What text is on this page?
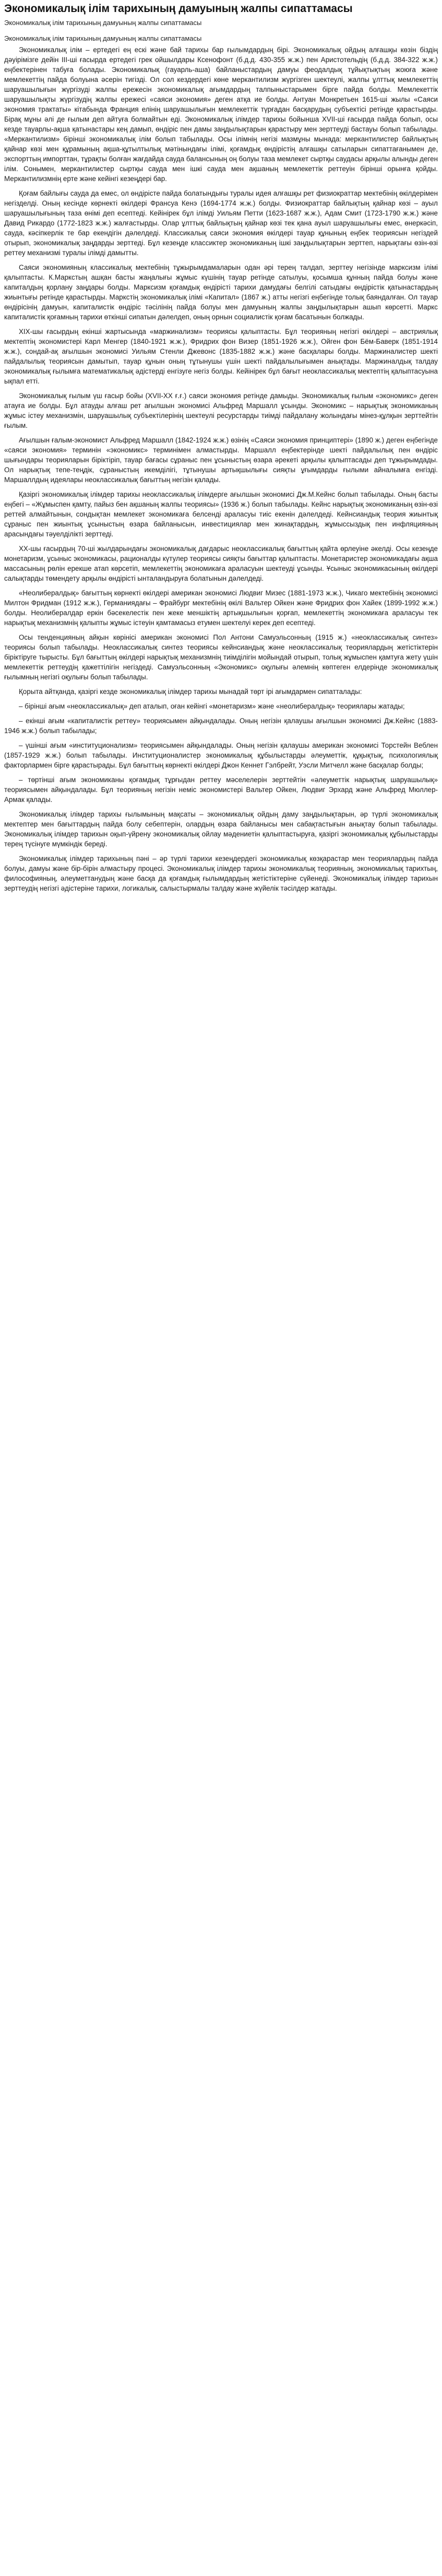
Экономикалық ілім тарихының дамуының жалпы сипаттамасы
Экономикалық ілім тарихының дамуының жалпы сипаттамасы
Экономикалық ілім тарихының дамуының жалпы сипаттамасы

Экономикалық ілім – ертедегі ең ескі және бай тарихы бар ғылымдардың бірі. Экономикалық ойдың алғашқы көзін біздің дәуірімізге дейін ІІІ-ші ғасырда ертедегі грек ойшылдары Ксенофонт (б.д.д. 430-355 ж.ж.) пен Аристотельдің (б.д.д. 384-322 ж.ж.) еңбектерінен табуға болады. Экономикалық (гауарль-аша) байланыстардың дамуы феодалдық тұйықтықтың жоюға және мемлекеттің пайда болуына әсерін тигізді. Ол сол кездердегі көне меркантилизм жүргізген шектеулі, жалпы ұлттық мемлекеттің шаруашылығын жүргізуді жалпы ережесін экономикалық ағымдардың талпыныстарымен бірге пайда болды. Мемлекеттік шаруашылықты жүргізудің жалпы ережесі «саяси экономия» деген атқа ие болды. Антуан Монкретьен 1615-ші жылы «Саяси экономия трактаты» кітабында Франция елінің шаруашылығын мемлекеттік түрғадан басқарудың субъектісі ретінде қарастырды. Бірақ мұны әлі де ғылым деп айтуға болмайтын еді. Экономикалық ілімдер тарихы бойынша ХVІІ-ші ғасырда пайда болып, осы кезде тауарлы-ақша қатынастары кең дамып, өндіріс пен дамы заңдылықтарын қарастыру мен зерттеуді бастауы болып табылады. «Меркантилизм» бірінші экономикалық ілім болып табылады. Осы ілімнің негізі мазмұны мынада: меркантилистер байлықтың қайнар көзі мен құрамының ақша-құтылтылық мәтінындағы ілімі, қоғамдық өндірістің алғашқы сатыларын сипаттағанымен де, экспорттың импорттан, тұрақты болған жағдайда сауда балансының оң болуы таза мемлекет сыртқы саудасы арқылы алынды деген ілім. Сонымен, меркантилистер сыртқы сауда мен ішкі сауда мен ақшаның мемлекеттік реттеуін бірінші орынға қойды. Меркантилизмнің ерте және кейінгі кезеңдері бар.

Қоғам байлығы сауда да емес, ол өндірісте пайда болатындығы туралы идея алғашқы рет физиократтар мектебінің өкілдерімен негізделді. Оның кесінде көрнекті өкілдері Франсуа Кенэ (1694-1774 ж.ж.) болды. Физиократтар байлықтың қайнар көзі – ауыл шаруашылығының таза өнімі деп есептеді. Кейінірек бұл ілімді Уильям Петти (1623-1687 ж.ж.), Адам Смит (1723-1790 ж.ж.) және Давид Рикардо (1772-1823 ж.ж.) жалғастырды. Олар ұлттық байлықтың қайнар көзі тек қана ауыл шаруашылығы емес, өнеркәсіп, сауда, кәсіпкерлік те бар екендігін дәлелдеді. Классикалық саяси экономия өкілдері тауар құнының еңбек теориясын негіздей отырып, экономикалық заңдарды зерттеді. Бұл кезеңде классиктер экономиканың ішкі заңдылықтарын зерттеп, нарықтағы өзін-өзі реттеу механизмі туралы ілімді дамытты.

Саяси экономияның классикалық мектебінің тұжырымдамаларын одан әрі терең талдап, зерттеу негізінде марксизм ілімі қалыптасты. К.Маркстың ашқан басты жаңалығы жұмыс күшінің тауар ретінде сатылуы, қосымша құнның пайда болуы және капиталдың қорлану заңдары болды. Марксизм қоғамдық өндірісті тарихи дамудағы белгілі сатыдағы өндірістік қатынастардың жиынтығы ретінде қарастырды. Маркстің экономикалық ілімі «Капитал» (1867 ж.) атты негізгі еңбегінде толық баяндалған. Ол тауар өндірісінің дамуын, капиталистік өндіріс тәсілінің пайда болуы мен дамуының жалпы заңдылықтарын ашып көрсетті. Маркс капиталистік қоғамның тарихи өткінші сипатын дәлелдеп, оның орнын социалистік қоғам басатынын болжады.

ХІХ-шы ғасырдың екінші жартысында «маржинализм» теориясы қалыптасты. Бұл теорияның негізгі өкілдері – австриялық мектептің экономистері Карл Менгер (1840-1921 ж.ж.), Фридрих фон Визер (1851-1926 ж.ж.), Ойген фон Бём-Баверк (1851-1914 ж.ж.), сондай-ақ ағылшын экономисі Уильям Стенли Джевонс (1835-1882 ж.ж.) және басқалары болды. Маржиналистер шекті пайдалылық теориясын дамытып, тауар құнын оның тұтынушы үшін шекті пайдалылығымен анықтады. Маржиналдық талдау экономикалық ғылымға математикалық әдістерді енгізуге негіз болды. Кейінірек бұл бағыт неоклассикалық мектептің қалыптасуына ықпал етті.

Экономикалық ғылым үш ғасыр бойы (ХVІІ-ХХ ғ.ғ.) саяси экономия ретінде дамыды. Экономикалық ғылым «экономикс» деген атауға ие болды. Бұл атауды алғаш рет ағылшын экономисі Альфред Маршалл ұсынды. Экономикс – нарықтық экономиканың жұмыс істеу механизмін, шаруашылық субъектілерінің шектеулі ресурстарды тиімді пайдалану жолындағы мінез-құлқын зерттейтін ғылым.

Ағылшын ғалым-экономист Альфред Маршалл (1842-1924 ж.ж.) өзінің «Саяси экономия принциптері» (1890 ж.) деген еңбегінде «саяси экономия» терминін «экономикс» терминімен алмастырды. Маршалл еңбектерінде шекті пайдалылық пен өндіріс шығындары теорияларын біріктіріп, тауар бағасы сұраныс пен ұсыныстың өзара әрекеті арқылы қалыптасады деп тұжырымдады. Ол нарықтық тепе-теңдік, сұраныстың икемділігі, тұтынушы артықшылығы сияқты ұғымдарды ғылыми айналымға енгізді. Маршаллдың идеялары неоклассикалық бағыттың негізін қалады.

Қазіргі экономикалық ілімдер тарихы неоклассикалық ілімдерге ағылшын экономисі Дж.М.Кейнс болып табылады. Оның басты еңбегі – «Жұмыспен қамту, пайыз бен ақшаның жалпы теориясы» (1936 ж.) болып табылады. Кейнс нарықтық экономиканың өзін-өзі реттей алмайтынын, сондықтан мемлекет экономикаға белсенді араласуы тиіс екенін дәлелдеді. Кейнсиандық теория жиынтық сұраныс пен жиынтық ұсыныстың өзара байланысын, инвестициялар мен жинақтардың, жұмыссыздық пен инфляцияның арасындағы тәуелділікті зерттеді.

ХХ-шы ғасырдың 70-ші жылдарындағы экономикалық дағдарыс неоклассикалық бағыттың қайта өрлеуіне әкелді. Осы кезеңде монетаризм, ұсыныс экономикасы, рационалды күтулер теориясы сияқты бағыттар қалыптасты. Монетаристер экономикадағы ақша массасының рөлін ерекше атап көрсетіп, мемлекеттің экономикаға араласуын шектеуді ұсынды. Ұсыныс экономикасының өкілдері салықтарды төмендету арқылы өндірісті ынталандыруға болатынын дәлелдеді.

«Неолибералдық» бағыттың көрнекті өкілдері американ экономисі Людвиг Мизес (1881-1973 ж.ж.), Чикаго мектебінің экономисі Милтон Фридман (1912 ж.ж.), Германиядағы – Фрайбург мектебінің өкілі Вальтер Ойкен және Фридрих фон Хайек (1899-1992 ж.ж.) болды. Неолибералдар еркін бәсекелестік пен жеке меншіктің артықшылығын қорғап, мемлекеттің экономикаға араласуы тек нарықтық механизмнің қалыпты жұмыс істеуін қамтамасыз етумен шектелуі керек деп есептеді.

Осы тенденцияның айқын көрінісі американ экономисі Пол Антони Самуэльсонның (1915 ж.) «неоклассикалық синтез» теориясы болып табылады. Неоклассикалық синтез теориясы кейнсиандық және неоклассикалық теориялардың жетістіктерін біріктіруге тырысты. Бұл бағыттың өкілдері нарықтық механизмнің тиімділігін мойындай отырып, толық жұмыспен қамтуға жету үшін мемлекеттік реттеудің қажеттілігін негіздеді. Самуэльсонның «Экономикс» оқулығы әлемнің көптеген елдерінде экономикалық ғылымның негізгі оқулығы болып табылады.

Қорыта айтқанда, қазіргі кезде экономикалық ілімдер тарихы мынадай төрт ірі ағымдармен сипатталады:

– бірінші ағым «неоклассикалық» деп аталып, оған кейінгі «монетаризм» және «неолибералдық» теориялары жатады;

– екінші ағым «капиталистік реттеу» теориясымен айқындалады. Оның негізін қалаушы ағылшын экономисі Дж.Кейнс (1883-1946 ж.ж.) болып табылады;

– үшінші ағым «институционализм» теориясымен айқындалады. Оның негізін қалаушы американ экономисі Торстейн Веблен (1857-1929 ж.ж.) болып табылады. Институционалистер экономикалық құбылыстарды әлеуметтік, құқықтық, психологиялық факторлармен бірге қарастырады. Бұл бағыттың көрнекті өкілдері Джон Кеннет Гэлбрейт, Уэсли Митчелл және басқалар болды;

– төртінші ағым экономиканы қоғамдық тұрғыдан реттеу мәселелерін зерттейтін «әлеуметтік нарықтық шаруашылық» теориясымен айқындалады. Бұл теорияның негізін неміс экономистері Вальтер Ойкен, Людвиг Эрхард және Альфред Мюллер-Армак қалады.

Экономикалық ілімдер тарихы ғылымының мақсаты – экономикалық ойдың даму заңдылықтарын, әр түрлі экономикалық мектептер мен бағыттардың пайда болу себептерін, олардың өзара байланысы мен сабақтастығын анықтау болып табылады. Экономикалық ілімдер тарихын оқып-үйрену экономикалық ойлау мәдениетін қалыптастыруға, қазіргі экономикалық құбылыстарды терең түсінуге мүмкіндік береді.

Экономикалық ілімдер тарихының пәні – әр түрлі тарихи кезеңдердегі экономикалық көзқарастар мен теориялардың пайда болуы, дамуы және бір-бірін алмастыру процесі. Экономикалық ілімдер тарихы экономикалық теорияның, экономикалық тарихтың, философияның, әлеуметтанудың және басқа да қоғамдық ғылымдардың жетістіктеріне сүйенеді. Экономикалық ілімдер тарихын зерттеудің негізгі әдістеріне тарихи, логикалық, салыстырмалы талдау және жүйелік тәсілдер жатады.
